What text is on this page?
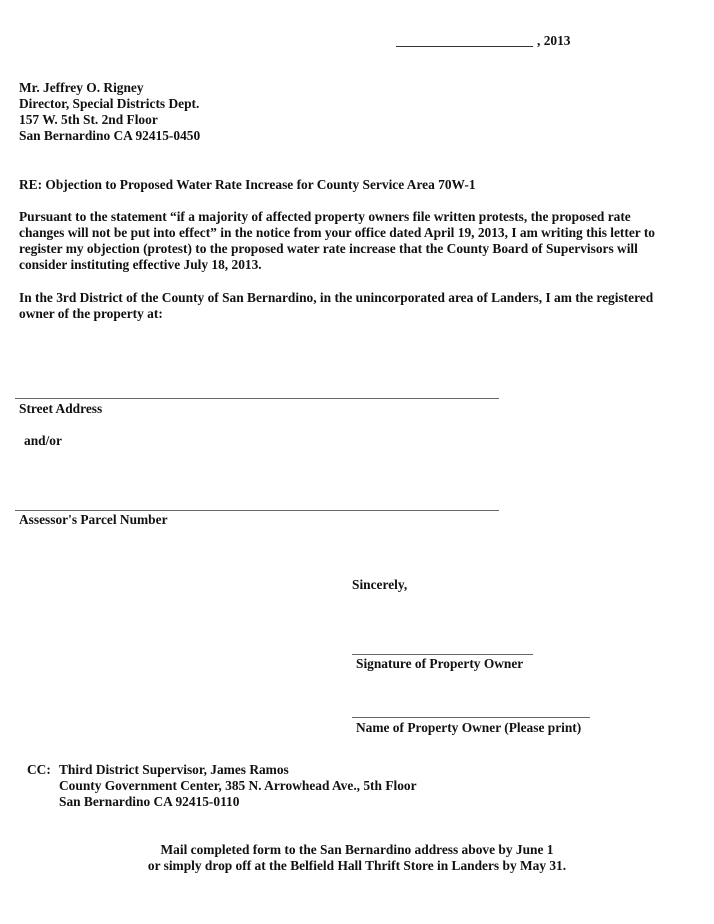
, 2013
Mr. Jeffrey O. Rigney
Director, Special Districts Dept.
157 W. 5th St. 2nd Floor
San Bernardino CA 92415-0450
RE: Objection to Proposed Water Rate Increase for County Service Area 70W-1
Pursuant to the statement “if a majority of affected property owners file written protests, the proposed rate
changes will not be put into effect” in the notice from your office dated April 19, 2013, I am writing this letter to
register my objection (protest) to the proposed water rate increase that the County Board of Supervisors will
consider instituting effective July 18, 2013.
In the 3rd District of the County of San Bernardino, in the unincorporated area of Landers, I am the registered
owner of the property at:
Street Address
and/or
Assessor's Parcel Number
Sincerely,
Signature of Property Owner
Name of Property Owner (Please print)
CC: Third District Supervisor, James Ramos
County Government Center, 385 N. Arrowhead Ave., 5th Floor
San Bernardino CA 92415-0110
Mail completed form to the San Bernardino address above by June 1
or simply drop off at the Belfield Hall Thrift Store in Landers by May 31.
